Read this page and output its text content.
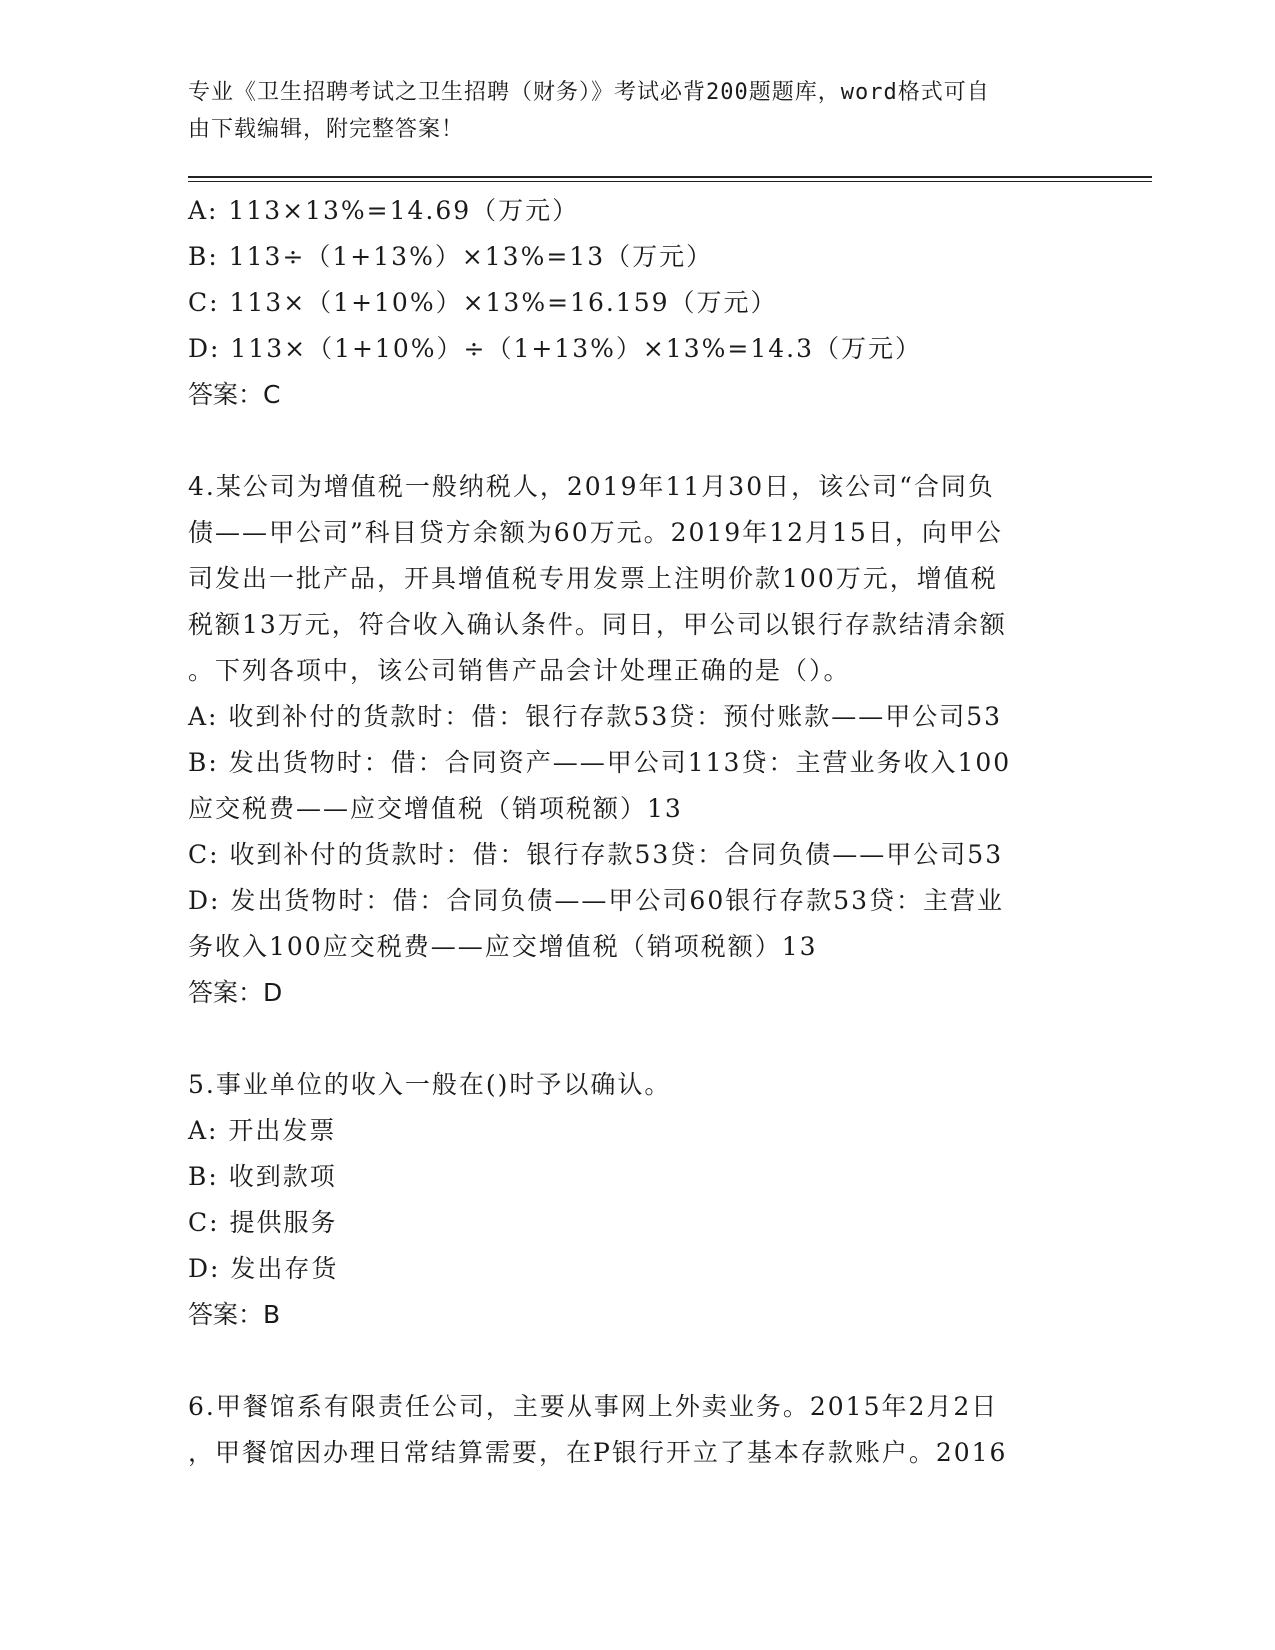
专业《卫生招聘考试之卫生招聘（财务）》考试必背200题题库，word格式可自
由下载编辑，附完整答案！
A: 113×13%=14.69（万元）
B: 113÷（1+13%）×13%=13（万元）
C: 113×（1+10%）×13%=16.159（万元）
D: 113×（1+10%）÷（1+13%）×13%=14.3（万元）
答案：C
4.某公司为增值税一般纳税人，2019年11月30日，该公司“合同负
债——甲公司”科目贷方余额为60万元。2019年12月15日，向甲公
司发出一批产品，开具增值税专用发票上注明价款100万元，增值税
税额13万元，符合收入确认条件。同日，甲公司以银行存款结清余额
。下列各项中，该公司销售产品会计处理正确的是（）。
A: 收到补付的货款时：借：银行存款53贷：预付账款——甲公司53
B: 发出货物时：借：合同资产——甲公司113贷：主营业务收入100
应交税费——应交增值税（销项税额）13
C: 收到补付的货款时：借：银行存款53贷：合同负债——甲公司53
D: 发出货物时：借：合同负债——甲公司60银行存款53贷：主营业
务收入100应交税费——应交增值税（销项税额）13
答案：D
5.事业单位的收入一般在()时予以确认。
A: 开出发票
B: 收到款项
C: 提供服务
D: 发出存货
答案：B
6.甲餐馆系有限责任公司，主要从事网上外卖业务。2015年2月2日
，甲餐馆因办理日常结算需要，在P银行开立了基本存款账户。2016
